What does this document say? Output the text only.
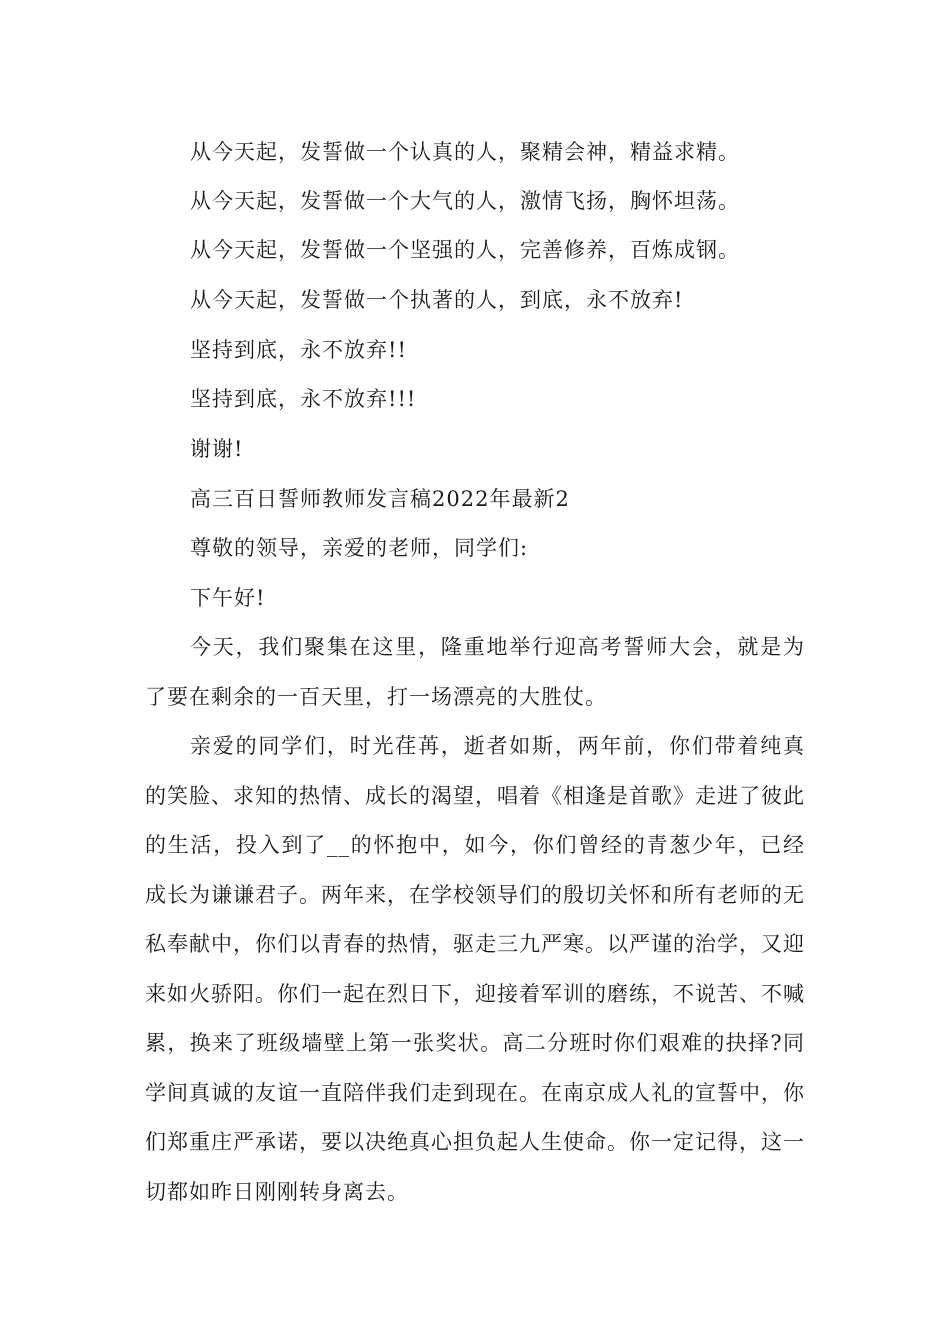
从今天起，发誓做一个认真的人，聚精会神，精益求精。
从今天起，发誓做一个大气的人，激情飞扬，胸怀坦荡。
从今天起，发誓做一个坚强的人，完善修养，百炼成钢。
从今天起，发誓做一个执著的人，到底，永不放弃!
坚持到底，永不放弃!!
坚持到底，永不放弃!!!
谢谢!
高三百日誓师教师发言稿2022年最新2
尊敬的领导，亲爱的老师，同学们:
下午好!
今天，我们聚集在这里，隆重地举行迎高考誓师大会，就是为了要在剩余的一百天里，打一场漂亮的大胜仗。
亲爱的同学们，时光荏苒，逝者如斯，两年前，你们带着纯真的笑脸、求知的热情、成长的渴望，唱着《相逢是首歌》走进了彼此的生活，投入到了__的怀抱中，如今，你们曾经的青葱少年，已经成长为谦谦君子。两年来，在学校领导们的殷切关怀和所有老师的无私奉献中，你们以青春的热情，驱走三九严寒。以严谨的治学，又迎来如火骄阳。你们一起在烈日下，迎接着军训的磨练，不说苦、不喊累，换来了班级墙壁上第一张奖状。高二分班时你们艰难的抉择?同学间真诚的友谊一直陪伴我们走到现在。在南京成人礼的宣誓中，你们郑重庄严承诺，要以决绝真心担负起人生使命。你一定记得，这一切都如昨日刚刚转身离去。
